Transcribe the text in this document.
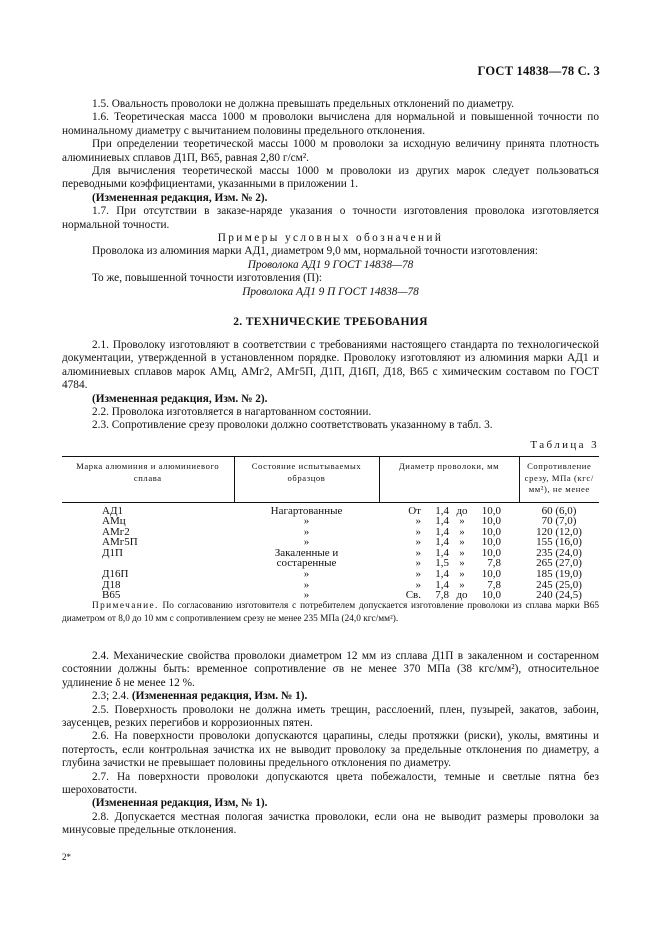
ГОСТ 14838—78 С. 3

1.5. Овальность проволоки не должна превышать предельных отклонений по диаметру.

1.6. Теоретическая масса 1000 м проволоки вычислена для нормальной и повышенной точности по номинальному диаметру с вычитанием половины предельного отклонения.

При определении теоретической массы 1000 м проволоки за исходную величину принята плотность алюминиевых сплавов Д1П, В65, равная 2,80 г/см².

Для вычисления теоретической массы 1000 м проволоки из других марок следует пользоваться переводными коэффициентами, указанными в приложении 1.

(Измененная редакция, Изм. № 2).

1.7. При отсутствии в заказе-наряде указания о точности изготовления проволока изготовляется нормальной точности.

Примеры условных обозначений

Проволока из алюминия марки АД1, диаметром 9,0 мм, нормальной точности изготовления:

Проволока АД1 9 ГОСТ 14838—78

То же, повышенной точности изготовления (П):

Проволока АД1 9 П ГОСТ 14838—78

2. ТЕХНИЧЕСКИЕ ТРЕБОВАНИЯ

2.1. Проволоку изготовляют в соответствии с требованиями настоящего стандарта по технологической документации, утвержденной в установленном порядке. Проволоку изготовляют из алюминия марки АД1 и алюминиевых сплавов марок АМц, АМг2, АМг5П, Д1П, Д16П, Д18, В65 с химическим составом по ГОСТ 4784.

(Измененная редакция, Изм. № 2).

2.2. Проволока изготовляется в нагартованном состоянии.

2.3. Сопротивление срезу проволоки должно соответствовать указанному в табл. 3.

Таблица 3
Марка алюминия и алюминиевого сплава	Состояние испытываемых образцов	Диаметр проволоки, мм	Сопротивление срезу, МПа (кгс/мм²), не менее
АД1	Нагартованные	От 1,4 до 10,0	60 (6,0)
АМц	»	» 1,4 » 10,0	70 (7,0)
АМг2	»	» 1,4 » 10,0	120 (12,0)
АМг5П	»	» 1,4 » 10,0	155 (16,0)
Д1П	Закаленные и	» 1,4 » 10,0	235 (24,0)
	состаренные	» 1,5 » 7,8	265 (27,0)
Д16П	»	» 1,4 » 10,0	185 (19,0)
Д18	»	» 1,4 » 7,8	245 (25,0)
В65	»	Св. 7,8 до 10,0	240 (24,5)
Примечание. По согласованию изготовителя с потребителем допускается изготовление проволоки из сплава марки В65 диаметром от 8,0 до 10 мм с сопротивлением срезу не менее 235 МПа (24,0 кгс/мм²).

2.4. Механические свойства проволоки диаметром 12 мм из сплава Д1П в закаленном и состаренном состоянии должны быть: временное сопротивление σв не менее 370 МПа (38 кгс/мм²), относительное удлинение δ не менее 12 %.

2.3; 2.4. (Измененная редакция, Изм. № 1).

2.5. Поверхность проволоки не должна иметь трещин, расслоений, плен, пузырей, закатов, забоин, заусенцев, резких перегибов и коррозионных пятен.

2.6. На поверхности проволоки допускаются царапины, следы протяжки (риски), уколы, вмятины и потертость, если контрольная зачистка их не выводит проволоку за предельные отклонения по диаметру, а глубина зачистки не превышает половины предельного отклонения по диаметру.

2.7. На поверхности проволоки допускаются цвета побежалости, темные и светлые пятна без шероховатости.

(Измененная редакция, Изм, № 1).

2.8. Допускается местная пологая зачистка проволоки, если она не выводит размеры проволоки за минусовые предельные отклонения.

2*
